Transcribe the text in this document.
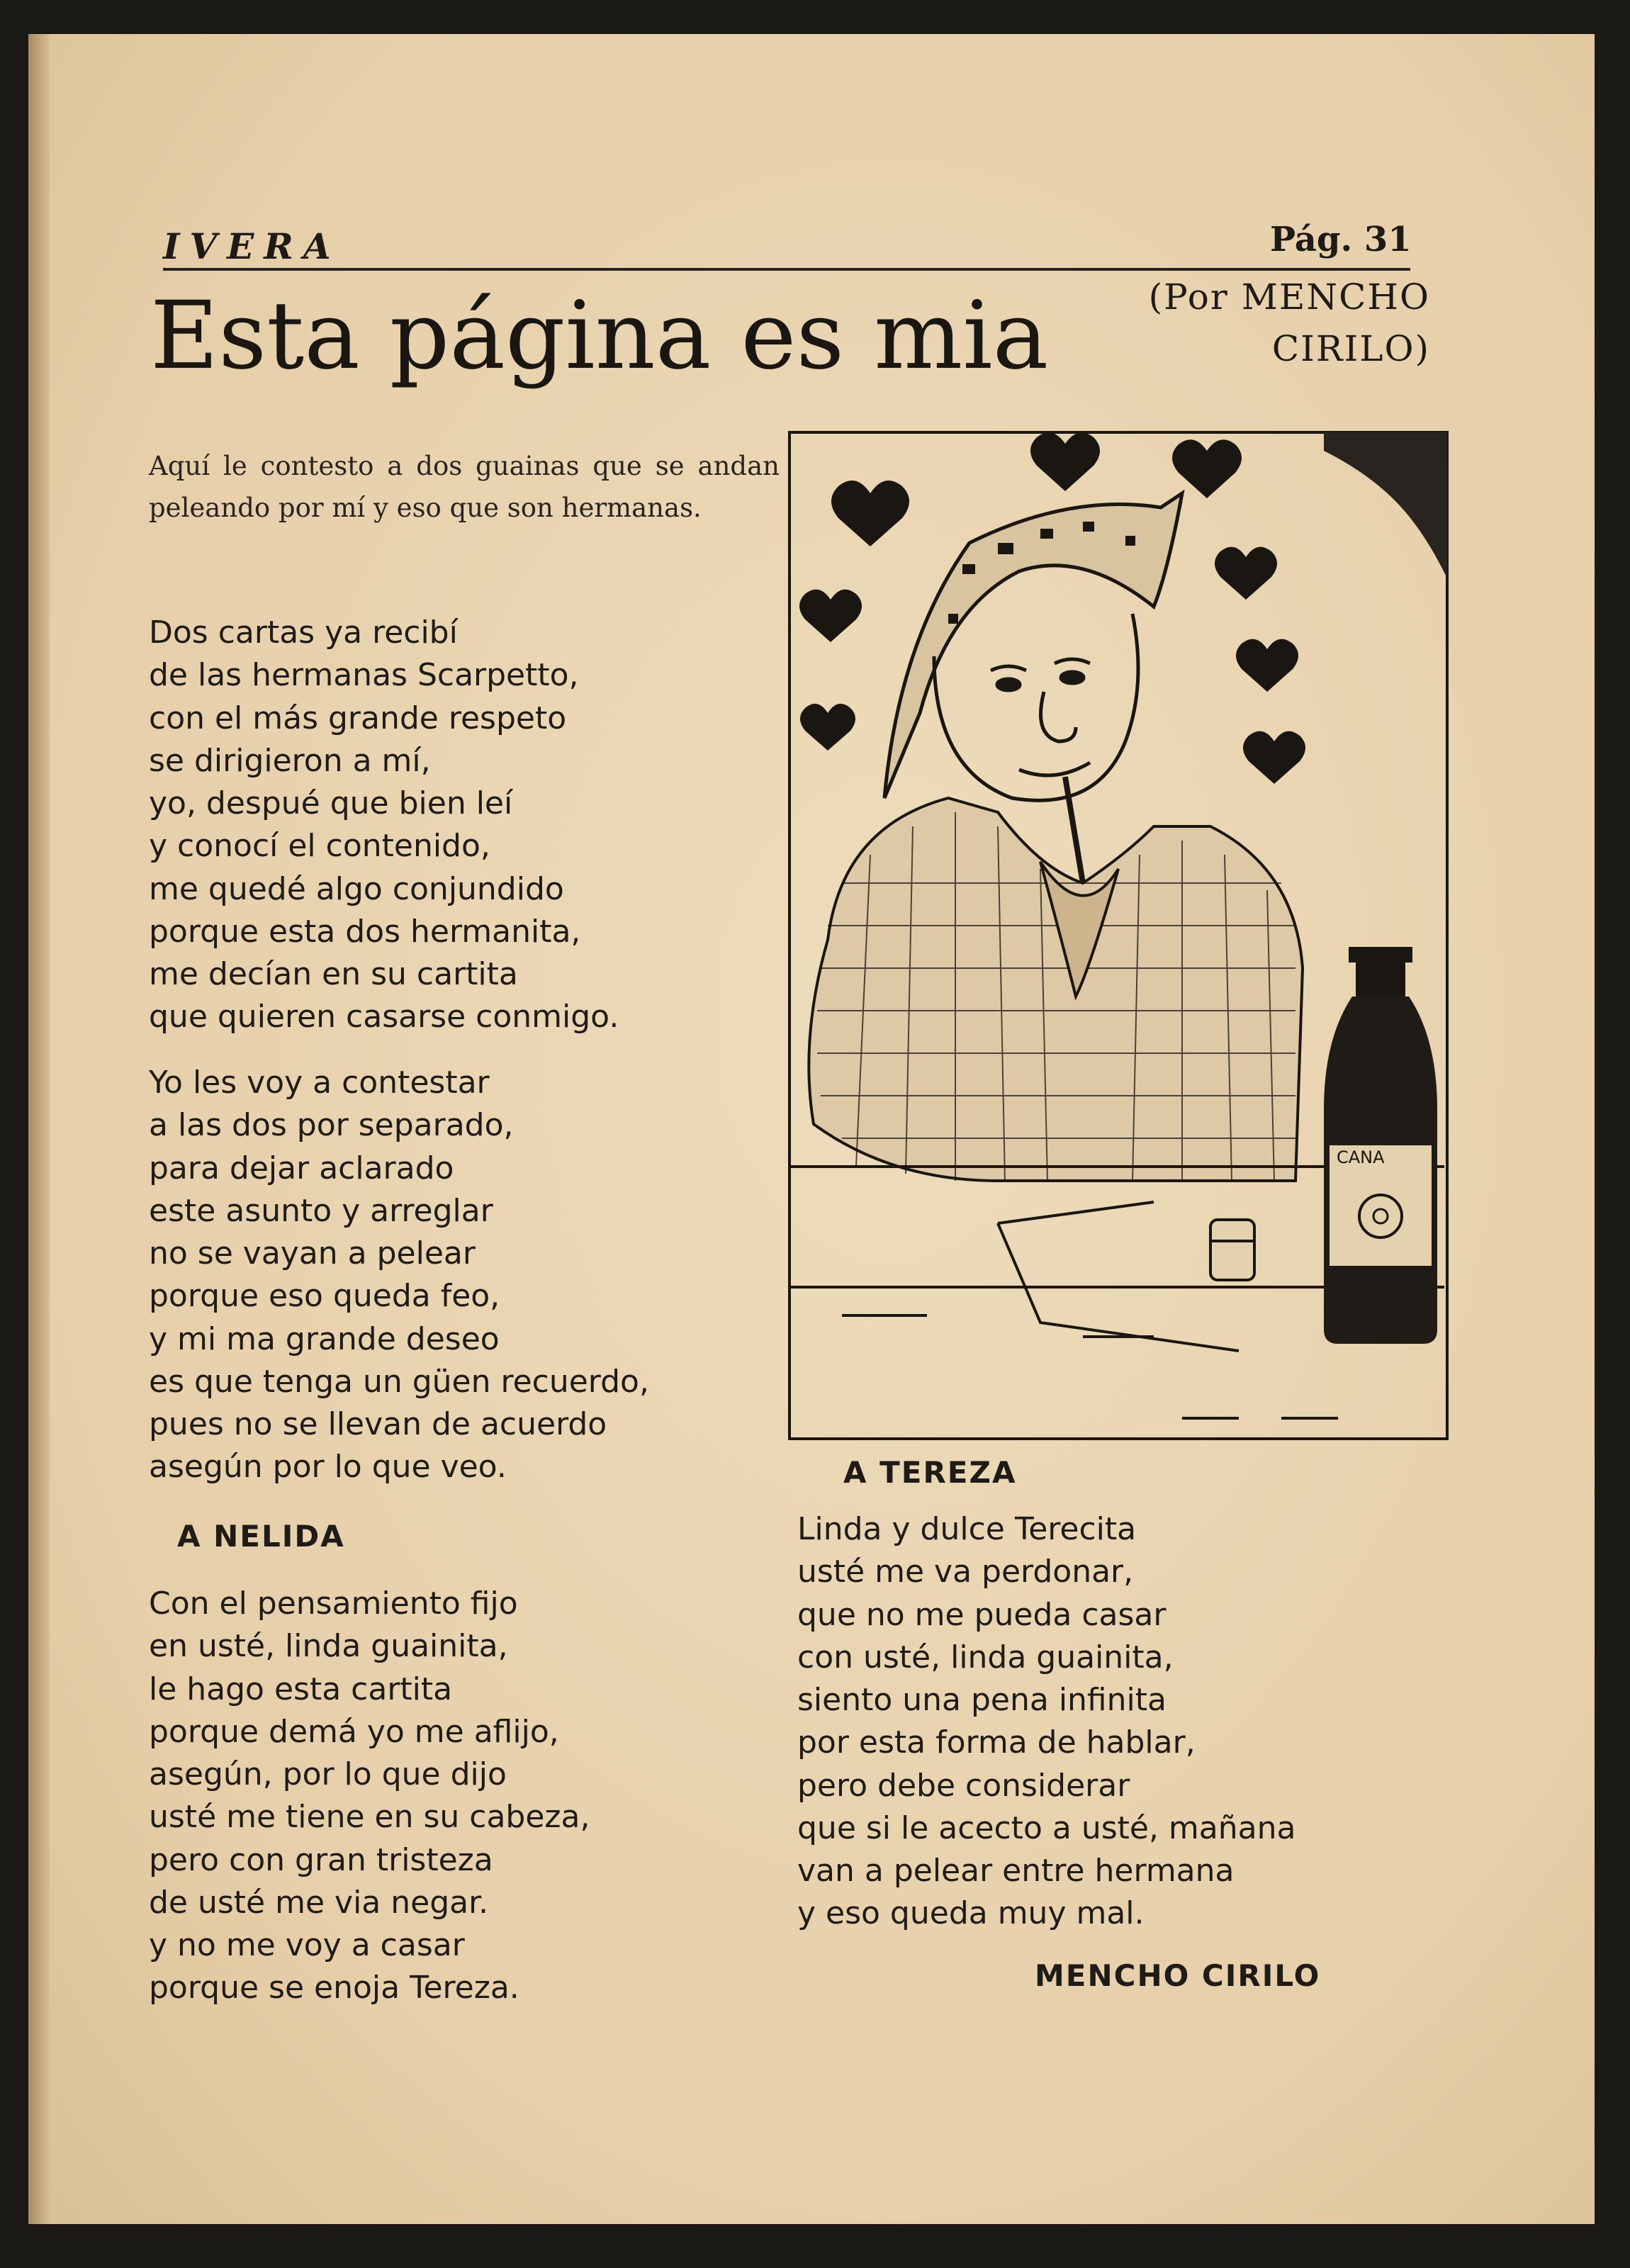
IVERA	Pág. 31
Esta página es mia	(Por MENCHO CIRILO)
Aquí le contesto a dos guainas que se andan peleando por mí y eso que son hermanas.
Dos cartas ya recibí
de las hermanas Scarpetto,
con el más grande respeto
se dirigieron a mí,
yo, despué que bien leí
y conocí el contenido,
me quedé algo conjundido
porque esta dos hermanita,
me decían en su cartita
que quieren casarse conmigo.
Yo les voy a contestar
a las dos por separado,
para dejar aclarado
este asunto y arreglar
no se vayan a pelear
porque eso queda feo,
y mi ma grande deseo
es que tenga un güen recuerdo,
pues no se llevan de acuerdo
asegún por lo que veo.
A NELIDA
Con el pensamiento fijo
en usté, linda guainita,
le hago esta cartita
porque demá yo me aflijo,
asegún, por lo que dijo
usté me tiene en su cabeza,
pero con gran tristeza
de usté me via negar.
y no me voy a casar
porque se enoja Tereza.
A TEREZA
Linda y dulce Terecita
usté me va perdonar,
que no me pueda casar
con usté, linda guainita,
siento una pena infinita
por esta forma de hablar,
pero debe considerar
que si le acecto a usté, mañana
van a pelear entre hermana
y eso queda muy mal.
MENCHO CIRILO
CANA
